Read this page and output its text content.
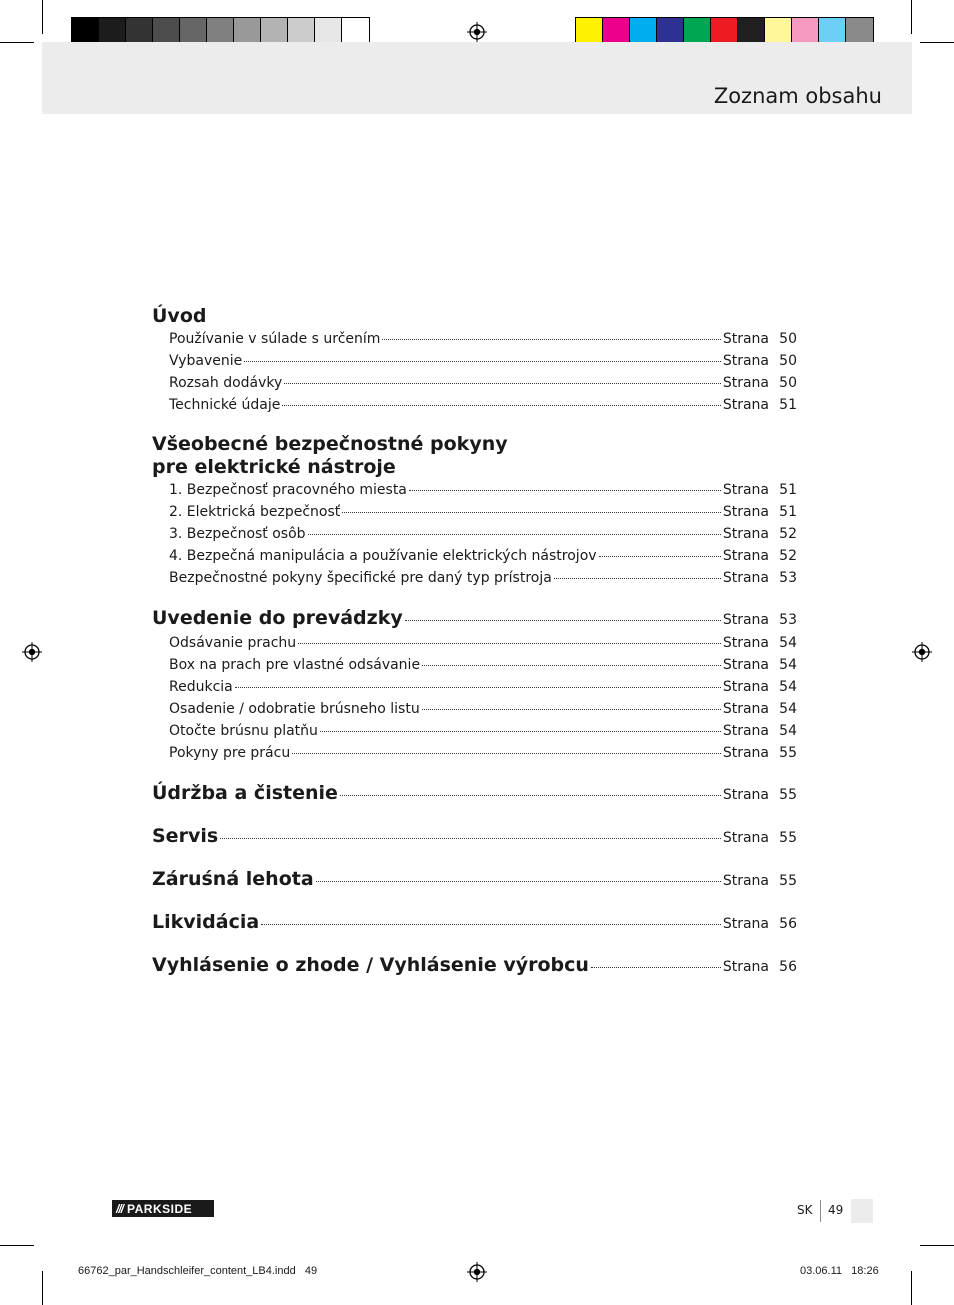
Zoznam obsahu
Úvod
Používanie v súlade s určením	Strana 50
Vybavenie	Strana 50
Rozsah dodávky	Strana 50
Technické údaje	Strana 51
Všeobecné bezpečnostné pokyny
pre elektrické nástroje
1. Bezpečnosť pracovného miesta	Strana 51
2. Elektrická bezpečnosť	Strana 51
3. Bezpečnosť osôb	Strana 52
4. Bezpečná manipulácia a používanie elektrických nástrojov	Strana 52
Bezpečnostné pokyny špecifické pre daný typ prístroja	Strana 53
Uvedenie do prevádzky	Strana 53
Odsávanie prachu	Strana 54
Box na prach pre vlastné odsávanie	Strana 54
Redukcia	Strana 54
Osadenie / odobratie brúsneho listu	Strana 54
Otočte brúsnu platňu	Strana 54
Pokyny pre prácu	Strana 55
Údržba a čistenie	Strana 55
Servis	Strana 55
Záruśná lehota	Strana 55
Likvidácia	Strana 56
Vyhlásenie o zhode / Vyhlásenie výrobcu	Strana 56
/// PARKSIDE	SK 49
66762_par_Handschleifer_content_LB4.indd   49	03.06.11   18:26
